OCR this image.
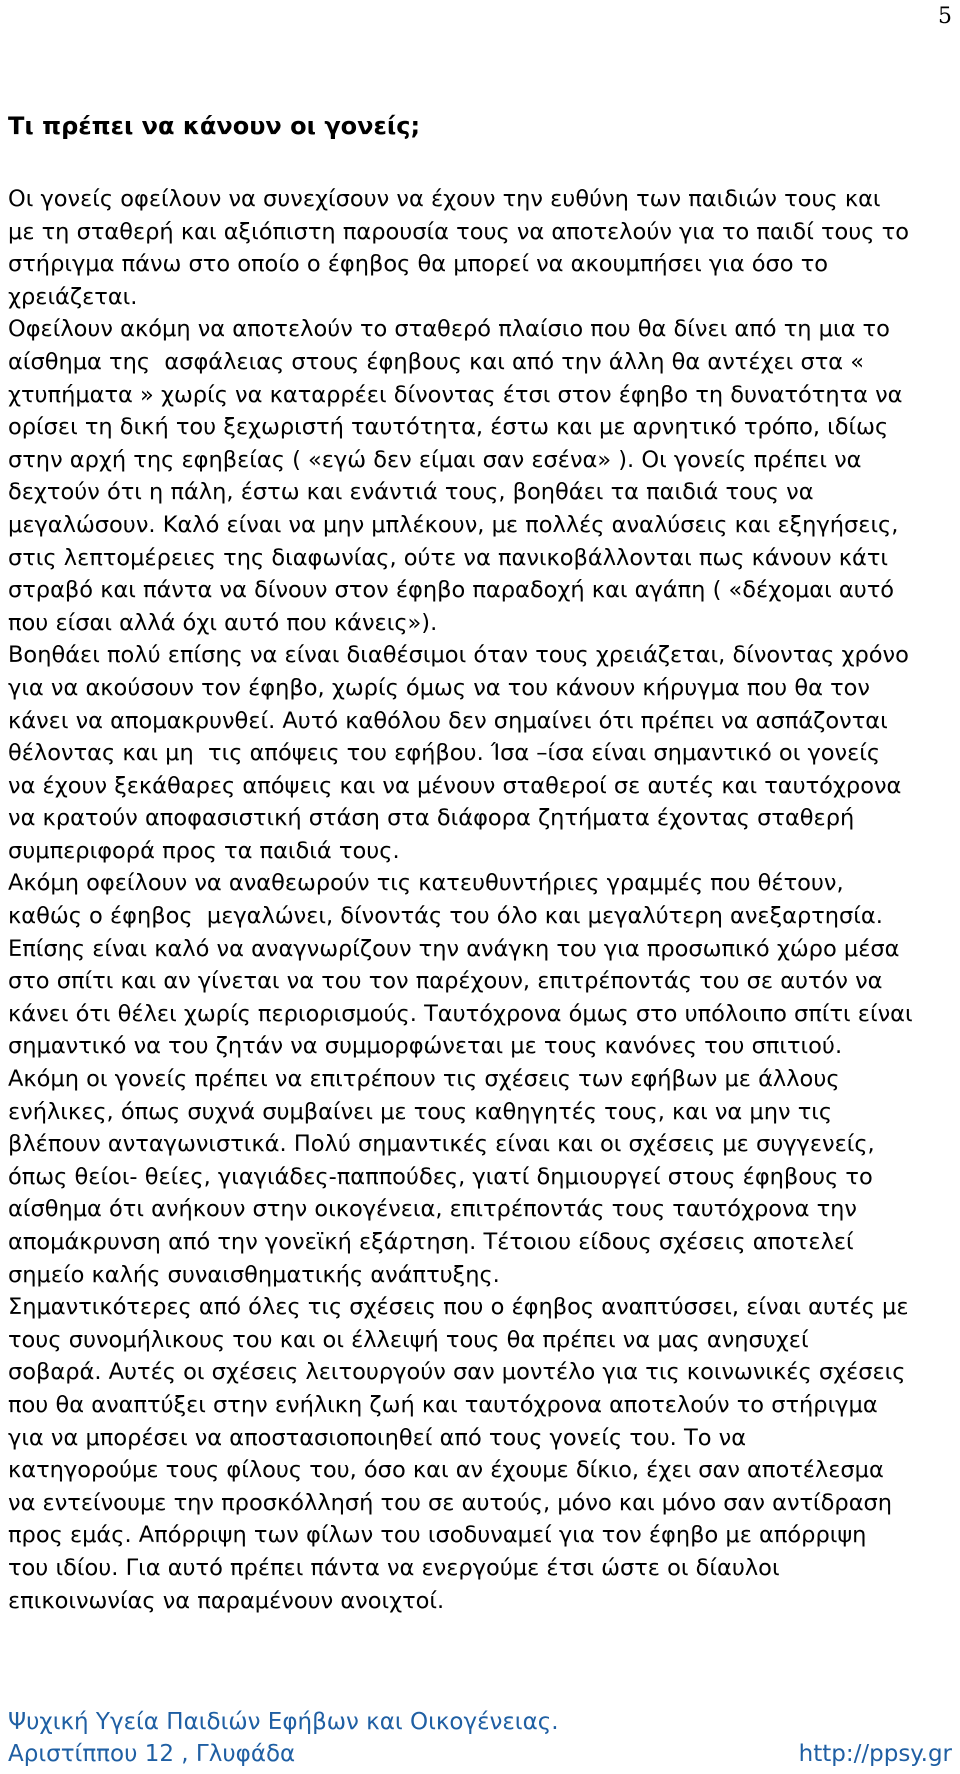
5
Τι πρέπει να κάνουν οι γονείς;

Οι γονείς οφείλουν να συνεχίσουν να έχουν την ευθύνη των παιδιών τους και

με τη σταθερή και αξιόπιστη παρουσία τους να αποτελούν για το παιδί τους το

στήριγμα πάνω στο οποίο ο έφηβος θα μπορεί να ακουμπήσει για όσο το

χρειάζεται.

Οφείλουν ακόμη να αποτελούν το σταθερό πλαίσιο που θα δίνει από τη μια το

αίσθημα της  ασφάλειας στους έφηβους και από την άλλη θα αντέχει στα «

χτυπήματα » χωρίς να καταρρέει δίνοντας έτσι στον έφηβο τη δυνατότητα να

ορίσει τη δική του ξεχωριστή ταυτότητα, έστω και με αρνητικό τρόπο, ιδίως

στην αρχή της εφηβείας ( «εγώ δεν είμαι σαν εσένα» ). Οι γονείς πρέπει να

δεχτούν ότι η πάλη, έστω και ενάντιά τους, βοηθάει τα παιδιά τους να

μεγαλώσουν. Καλό είναι να μην μπλέκουν, με πολλές αναλύσεις και εξηγήσεις,

στις λεπτομέρειες της διαφωνίας, ούτε να πανικοβάλλονται πως κάνουν κάτι

στραβό και πάντα να δίνουν στον έφηβο παραδοχή και αγάπη ( «δέχομαι αυτό

που είσαι αλλά όχι αυτό που κάνεις»).

Βοηθάει πολύ επίσης να είναι διαθέσιμοι όταν τους χρειάζεται, δίνοντας χρόνο

για να ακούσουν τον έφηβο, χωρίς όμως να του κάνουν κήρυγμα που θα τον

κάνει να απομακρυνθεί. Αυτό καθόλου δεν σημαίνει ότι πρέπει να ασπάζονται

θέλοντας και μη  τις απόψεις του εφήβου. Ίσα –ίσα είναι σημαντικό οι γονείς

να έχουν ξεκάθαρες απόψεις και να μένουν σταθεροί σε αυτές και ταυτόχρονα

να κρατούν αποφασιστική στάση στα διάφορα ζητήματα έχοντας σταθερή

συμπεριφορά προς τα παιδιά τους.

Ακόμη οφείλουν να αναθεωρούν τις κατευθυντήριες γραμμές που θέτουν,

καθώς ο έφηβος  μεγαλώνει, δίνοντάς του όλο και μεγαλύτερη ανεξαρτησία.

Επίσης είναι καλό να αναγνωρίζουν την ανάγκη του για προσωπικό χώρο μέσα

στο σπίτι και αν γίνεται να του τον παρέχουν, επιτρέποντάς του σε αυτόν να

κάνει ότι θέλει χωρίς περιορισμούς. Ταυτόχρονα όμως στο υπόλοιπο σπίτι είναι

σημαντικό να του ζητάν να συμμορφώνεται με τους κανόνες του σπιτιού.

Ακόμη οι γονείς πρέπει να επιτρέπουν τις σχέσεις των εφήβων με άλλους

ενήλικες, όπως συχνά συμβαίνει με τους καθηγητές τους, και να μην τις

βλέπουν ανταγωνιστικά. Πολύ σημαντικές είναι και οι σχέσεις με συγγενείς,

όπως θείοι- θείες, γιαγιάδες-παππούδες, γιατί δημιουργεί στους έφηβους το

αίσθημα ότι ανήκουν στην οικογένεια, επιτρέποντάς τους ταυτόχρονα την

απομάκρυνση από την γονεϊκή εξάρτηση. Τέτοιου είδους σχέσεις αποτελεί

σημείο καλής συναισθηματικής ανάπτυξης.

Σημαντικότερες από όλες τις σχέσεις που ο έφηβος αναπτύσσει, είναι αυτές με

τους συνομήλικους του και οι έλλειψή τους θα πρέπει να μας ανησυχεί

σοβαρά. Αυτές οι σχέσεις λειτουργούν σαν μοντέλο για τις κοινωνικές σχέσεις

που θα αναπτύξει στην ενήλικη ζωή και ταυτόχρονα αποτελούν το στήριγμα

για να μπορέσει να αποστασιοποιηθεί από τους γονείς του. Το να

κατηγορούμε τους φίλους του, όσο και αν έχουμε δίκιο, έχει σαν αποτέλεσμα

να εντείνουμε την προσκόλλησή του σε αυτούς, μόνο και μόνο σαν αντίδραση

προς εμάς. Απόρριψη των φίλων του ισοδυναμεί για τον έφηβο με απόρριψη

του ιδίου. Για αυτό πρέπει πάντα να ενεργούμε έτσι ώστε οι δίαυλοι

επικοινωνίας να παραμένουν ανοιχτοί.

Ψυχική Υγεία Παιδιών Εφήβων και Οικογένειας.
Αριστίππου 12 , Γλυφάδα	http://ppsy.gr
